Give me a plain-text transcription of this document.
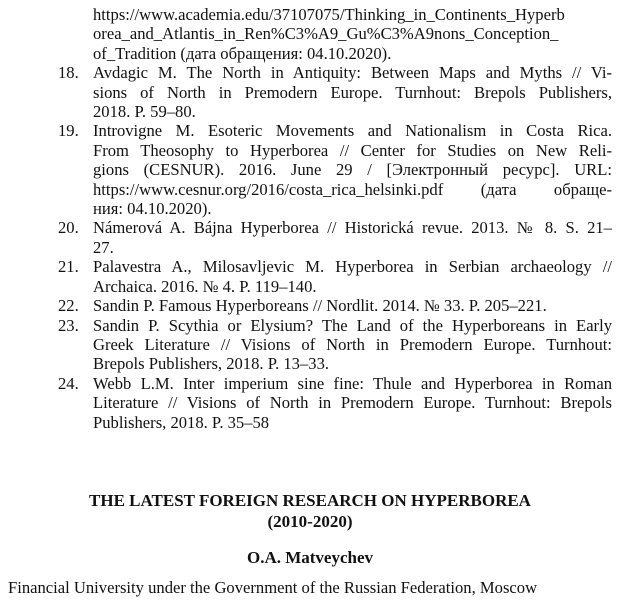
https://www.academia.edu/37107075/Thinking_in_Continents_Hyperb
orea_and_Atlantis_in_Ren%C3%A9_Gu%C3%A9nons_Conception_
of_Tradition (дата обращения: 04.10.2020).
18. Avdagic M. The North in Antiquity: Between Maps and Myths // Vi-
sions of North in Premodern Europe. Turnhout: Brepols Publishers,
2018. P. 59–80.
19. Introvigne M. Esoteric Movements and Nationalism in Costa Rica.
From Theosophy to Hyperborea // Center for Studies on New Reli-
gions (CESNUR). 2016. June 29 / [Электронный ресурс]. URL:
https://www.cesnur.org/2016/costa_rica_helsinki.pdf (дата обраще-
ния: 04.10.2020).
20. Námerová A. Bájna Hyperborea // Historická revue. 2013. № 8. S. 21–
27.
21. Palavestra A., Milosavljevic M. Hyperborea in Serbian archaeology //
Archaica. 2016. № 4. P. 119–140.
22. Sandin P. Famous Hyperboreans // Nordlit. 2014. № 33. P. 205–221.
23. Sandin P. Scythia or Elysium? The Land of the Hyperboreans in Early
Greek Literature // Visions of North in Premodern Europe. Turnhout:
Brepols Publishers, 2018. P. 13–33.
24. Webb L.M. Inter imperium sine fine: Thule and Hyperborea in Roman
Literature // Visions of North in Premodern Europe. Turnhout: Brepols
Publishers, 2018. P. 35–58
THE LATEST FOREIGN RESEARCH ON HYPERBOREA
(2010-2020)
O.A. Matveychev
Financial University under the Government of the Russian Federation, Moscow
